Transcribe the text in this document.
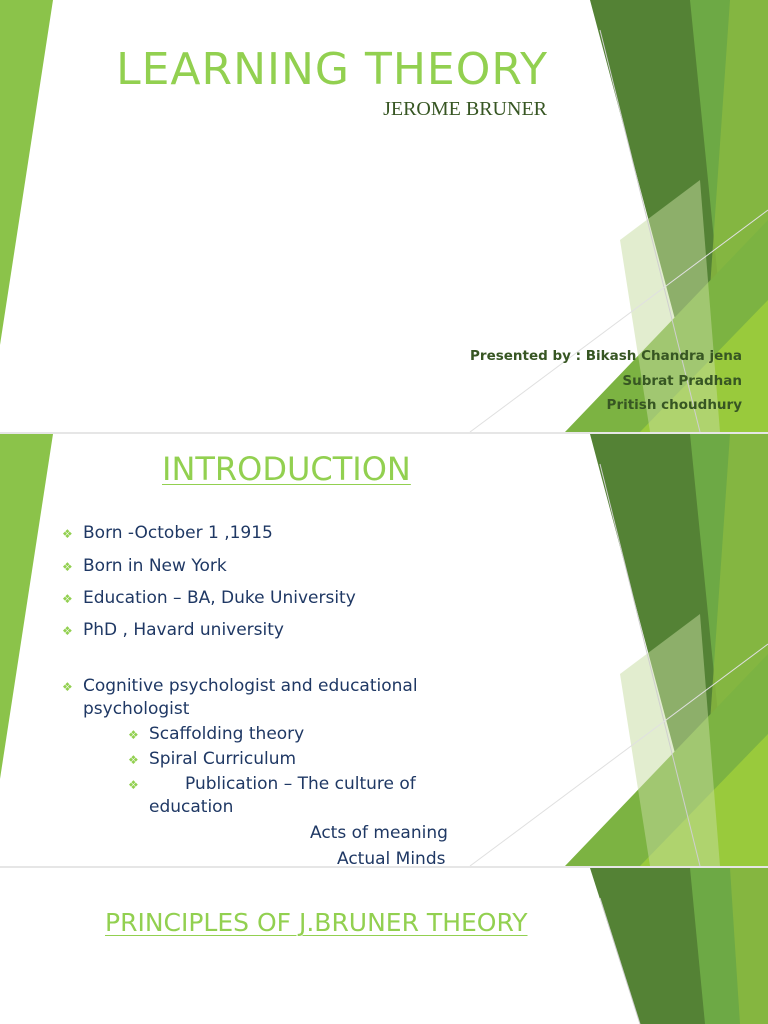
LEARNING THEORY
JEROME BRUNER
Presented by : Bikash Chandra jena
Subrat Pradhan
Pritish choudhury
INTRODUCTION
❖ Born -October 1 ,1915
❖ Born in New York
❖ Education – BA, Duke University
❖ PhD , Havard university
❖ Cognitive psychologist and educational
psychologist
❖ Scaffolding theory
❖ Spiral Curriculum
❖	Publication – The culture of
education
Acts of meaning
Actual Minds
PRINCIPLES OF J.BRUNER THEORY
